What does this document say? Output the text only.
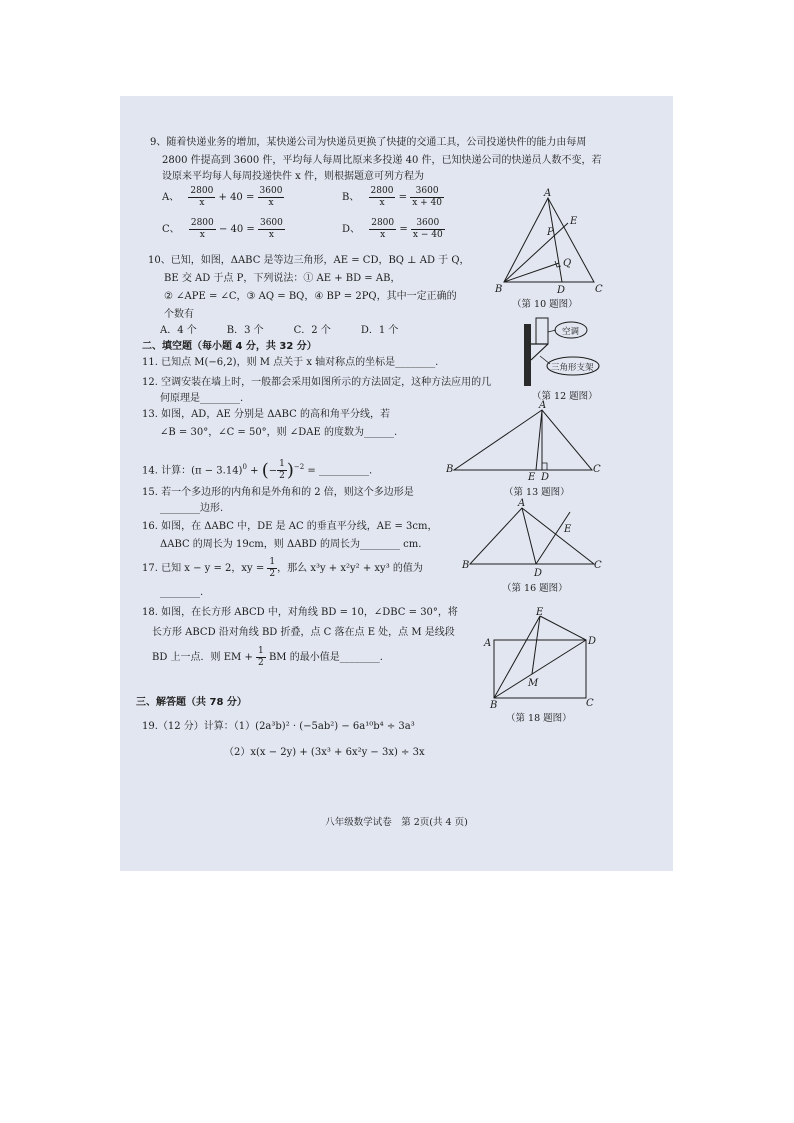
9、随着快递业务的增加，某快递公司为快递员更换了快捷的交通工具，公司投递快件的能力由每周
2800 件提高到 3600 件，平均每人每周比原来多投递 40 件，已知快递公司的快递员人数不变，若
设原来平均每人每周投递快件 x 件，则根据题意可列方程为
A、 $\frac{2800}{x} + 40 = \frac{3600}{x}$	B、 $\frac{2800}{x} = \frac{3600}{x + 40}$
C、 $\frac{2800}{x} - 40 = \frac{3600}{x}$	D、 $\frac{2800}{x} = \frac{3600}{x - 40}$
A
E
P
Q
B	D	C
（第 10 题图）
10、已知，如图，ΔABC 是等边三角形，AE = CD，BQ ⊥ AD 于 Q，
BE 交 AD 于点 P，下列说法：① AE + BD = AB，
② ∠APE = ∠C，③ AQ = BQ，④ BP = 2PQ，其中一定正确的
个数有
A．4 个　　　B．3 个　　　C．2 个　　　D．1 个
二、填空题（每小题 4 分，共 32 分）
空调
三角形支架
（第 12 题图）
11. 已知点 M(−6,2)，则 M 点关于 x 轴对称点的坐标是________.
12. 空调安装在墙上时，一般都会采用如图所示的方法固定，这种方法应用的几
何原理是________.
13. 如图，AD，AE 分别是 ΔABC 的高和角平分线，若
∠B = 30°，∠C = 50°，则 ∠DAE 的度数为______.
A
B
E D
C
（第 13 题图）
14. 计算：$(\pi - 3.14)^0$ + (− $\frac{1}{2} )^{-2}$ = __________.
15. 若一个多边形的内角和是外角和的 2 倍，则这个多边形是
________边形.
16. 如图，在 ΔABC 中，DE 是 AC 的垂直平分线，AE = 3cm，
ΔABC 的周长为 19cm，则 ΔABD 的周长为________ cm.
A
E
B
D
C
（第 16 题图）
17. 已知 x − y = 2，xy = $\frac{1}{2}$ ，那么 x³y + x²y² + xy³ 的值为
________.
18. 如图，在长方形 ABCD 中，对角线 BD = 10，∠DBC = 30°，将
长方形 ABCD 沿对角线 BD 折叠，点 C 落在点 E 处，点 M 是线段
BD 上一点．则 EM + $\frac{1}{2}$ BM 的最小值是________.
E
A	D
M
B	C
（第 18 题图）
三、解答题（共 78 分）
19.（12 分）计算：（1）(2a³b)² · (−5ab²) − 6a¹⁰b⁴ ÷ 3a³
（2）x(x − 2y) + (3x³ + 6x²y − 3x) ÷ 3x
八年级数学试卷　第 2页(共 4 页)
